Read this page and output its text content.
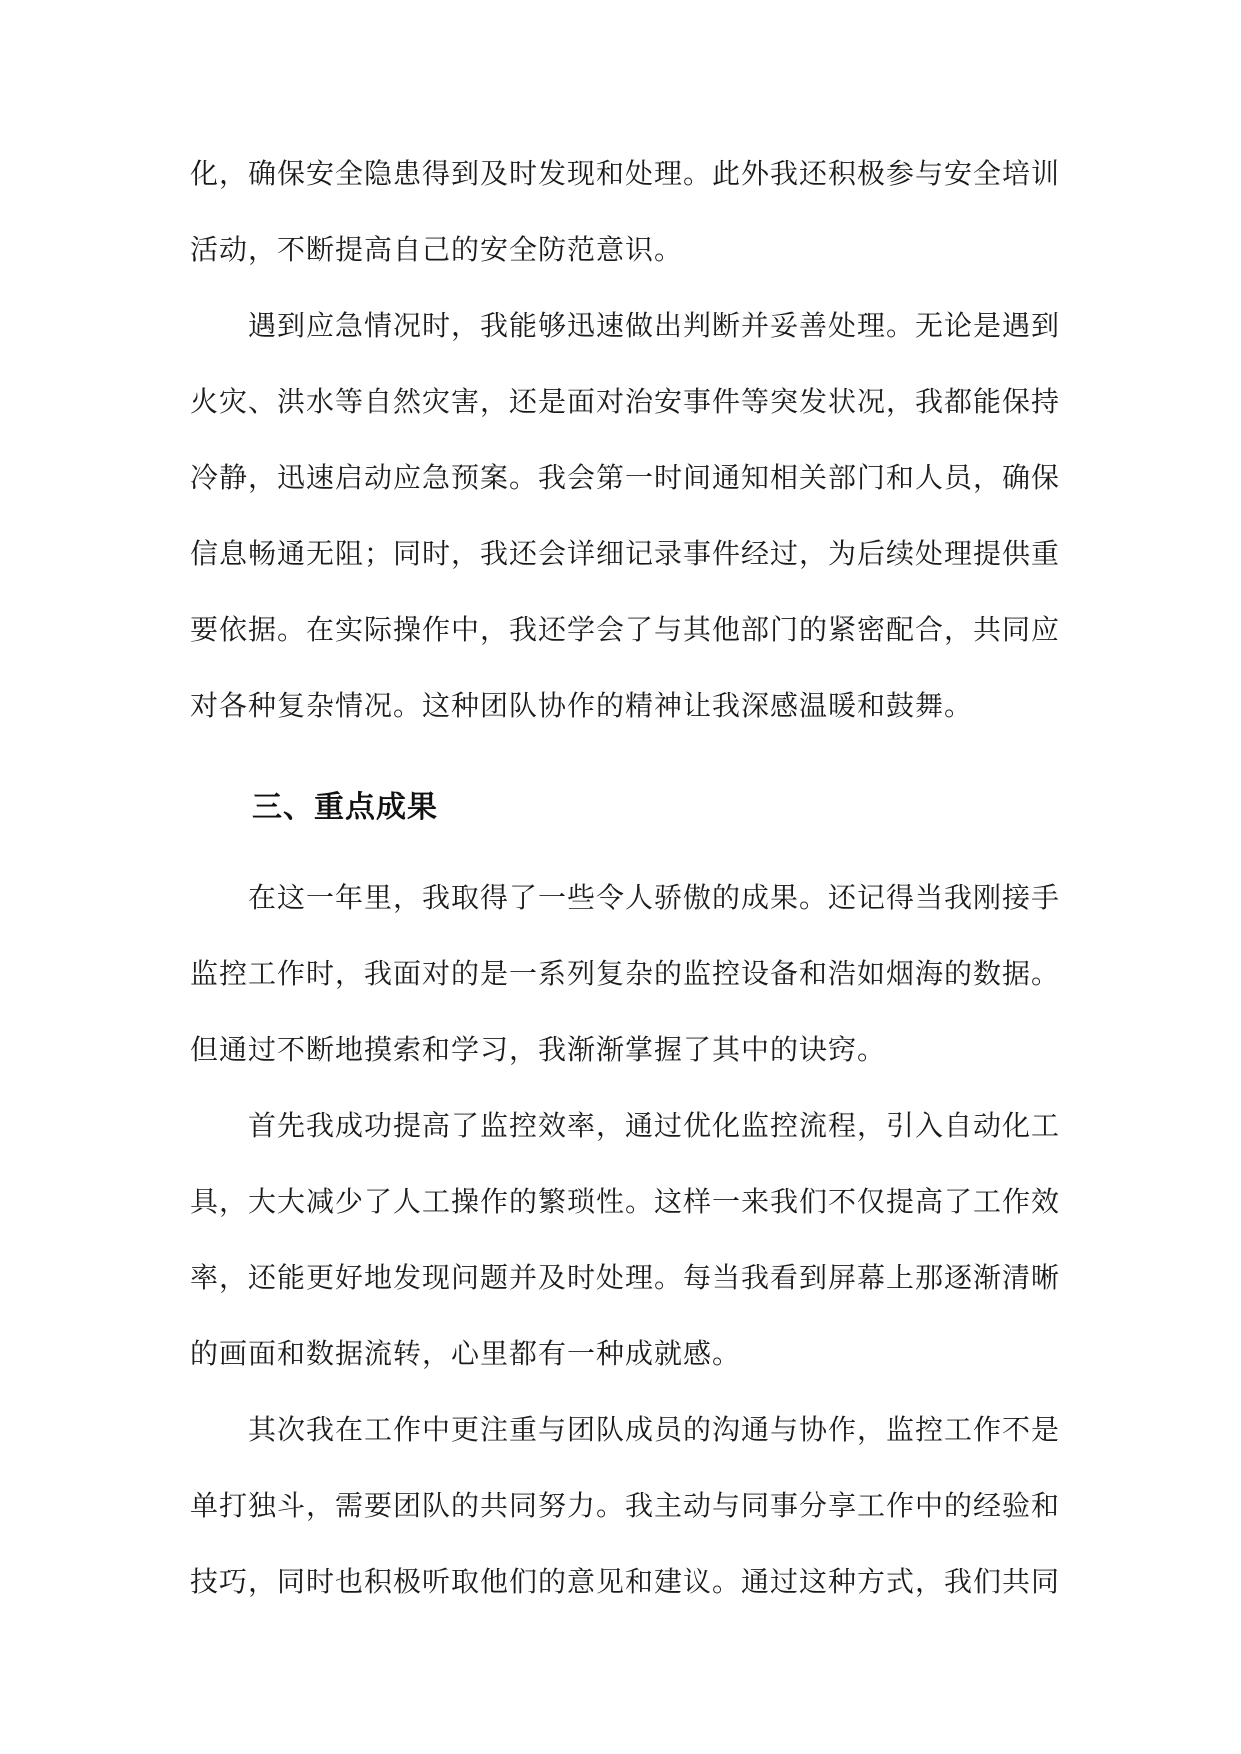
化，确保安全隐患得到及时发现和处理。此外我还积极参与安全培训

活动，不断提高自己的安全防范意识。

　　遇到应急情况时，我能够迅速做出判断并妥善处理。无论是遇到

火灾、洪水等自然灾害，还是面对治安事件等突发状况，我都能保持

冷静，迅速启动应急预案。我会第一时间通知相关部门和人员，确保

信息畅通无阻；同时，我还会详细记录事件经过，为后续处理提供重

要依据。在实际操作中，我还学会了与其他部门的紧密配合，共同应

对各种复杂情况。这种团队协作的精神让我深感温暖和鼓舞。

三、重点成果

　　在这一年里，我取得了一些令人骄傲的成果。还记得当我刚接手

监控工作时，我面对的是一系列复杂的监控设备和浩如烟海的数据。

但通过不断地摸索和学习，我渐渐掌握了其中的诀窍。

　　首先我成功提高了监控效率，通过优化监控流程，引入自动化工

具，大大减少了人工操作的繁琐性。这样一来我们不仅提高了工作效

率，还能更好地发现问题并及时处理。每当我看到屏幕上那逐渐清晰

的画面和数据流转，心里都有一种成就感。

　　其次我在工作中更注重与团队成员的沟通与协作，监控工作不是

单打独斗，需要团队的共同努力。我主动与同事分享工作中的经验和

技巧，同时也积极听取他们的意见和建议。通过这种方式，我们共同
